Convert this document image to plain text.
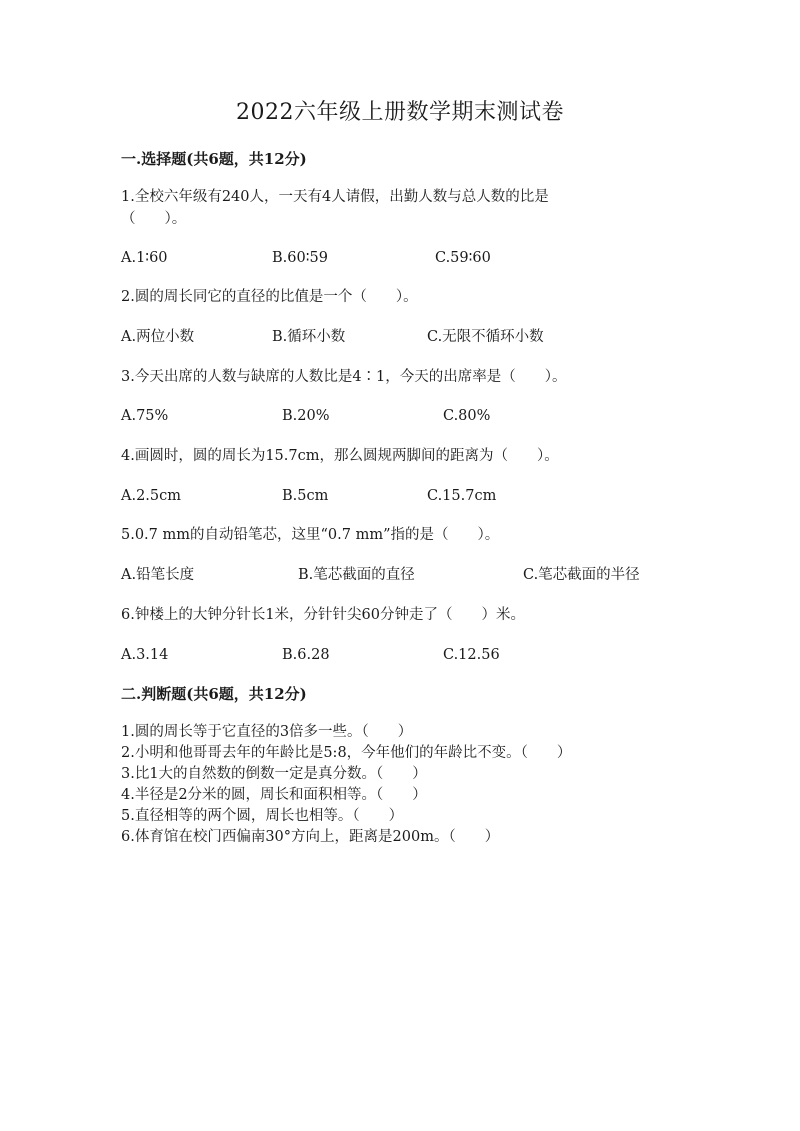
2022六年级上册数学期末测试卷
一.选择题(共6题，共12分)
1.全校六年级有240人，一天有4人请假，出勤人数与总人数的比是
（　　）。
A.1∶60	B.60∶59	C.59∶60
2.圆的周长同它的直径的比值是一个（　　）。
A.两位小数	B.循环小数	C.无限不循环小数
3.今天出席的人数与缺席的人数比是4∶1，今天的出席率是（　　）。
A.75%	B.20%	C.80%
4.画圆时，圆的周长为15.7cm，那么圆规两脚间的距离为（　　）。
A.2.5cm	B.5cm	C.15.7cm
5.0.7 mm的自动铅笔芯，这里“0.7 mm”指的是（　　）。
A.铅笔长度	B.笔芯截面的直径	C.笔芯截面的半径
6.钟楼上的大钟分针长1米，分针针尖60分钟走了（　　）米。
A.3.14	B.6.28	C.12.56
二.判断题(共6题，共12分)
1.圆的周长等于它直径的3倍多一些。（　　）
2.小明和他哥哥去年的年龄比是5:8，今年他们的年龄比不变。（　　）
3.比1大的自然数的倒数一定是真分数。（　　）
4.半径是2分米的圆，周长和面积相等。（　　）
5.直径相等的两个圆，周长也相等。（　　）
6.体育馆在校门西偏南30°方向上，距离是200m。（　　）
